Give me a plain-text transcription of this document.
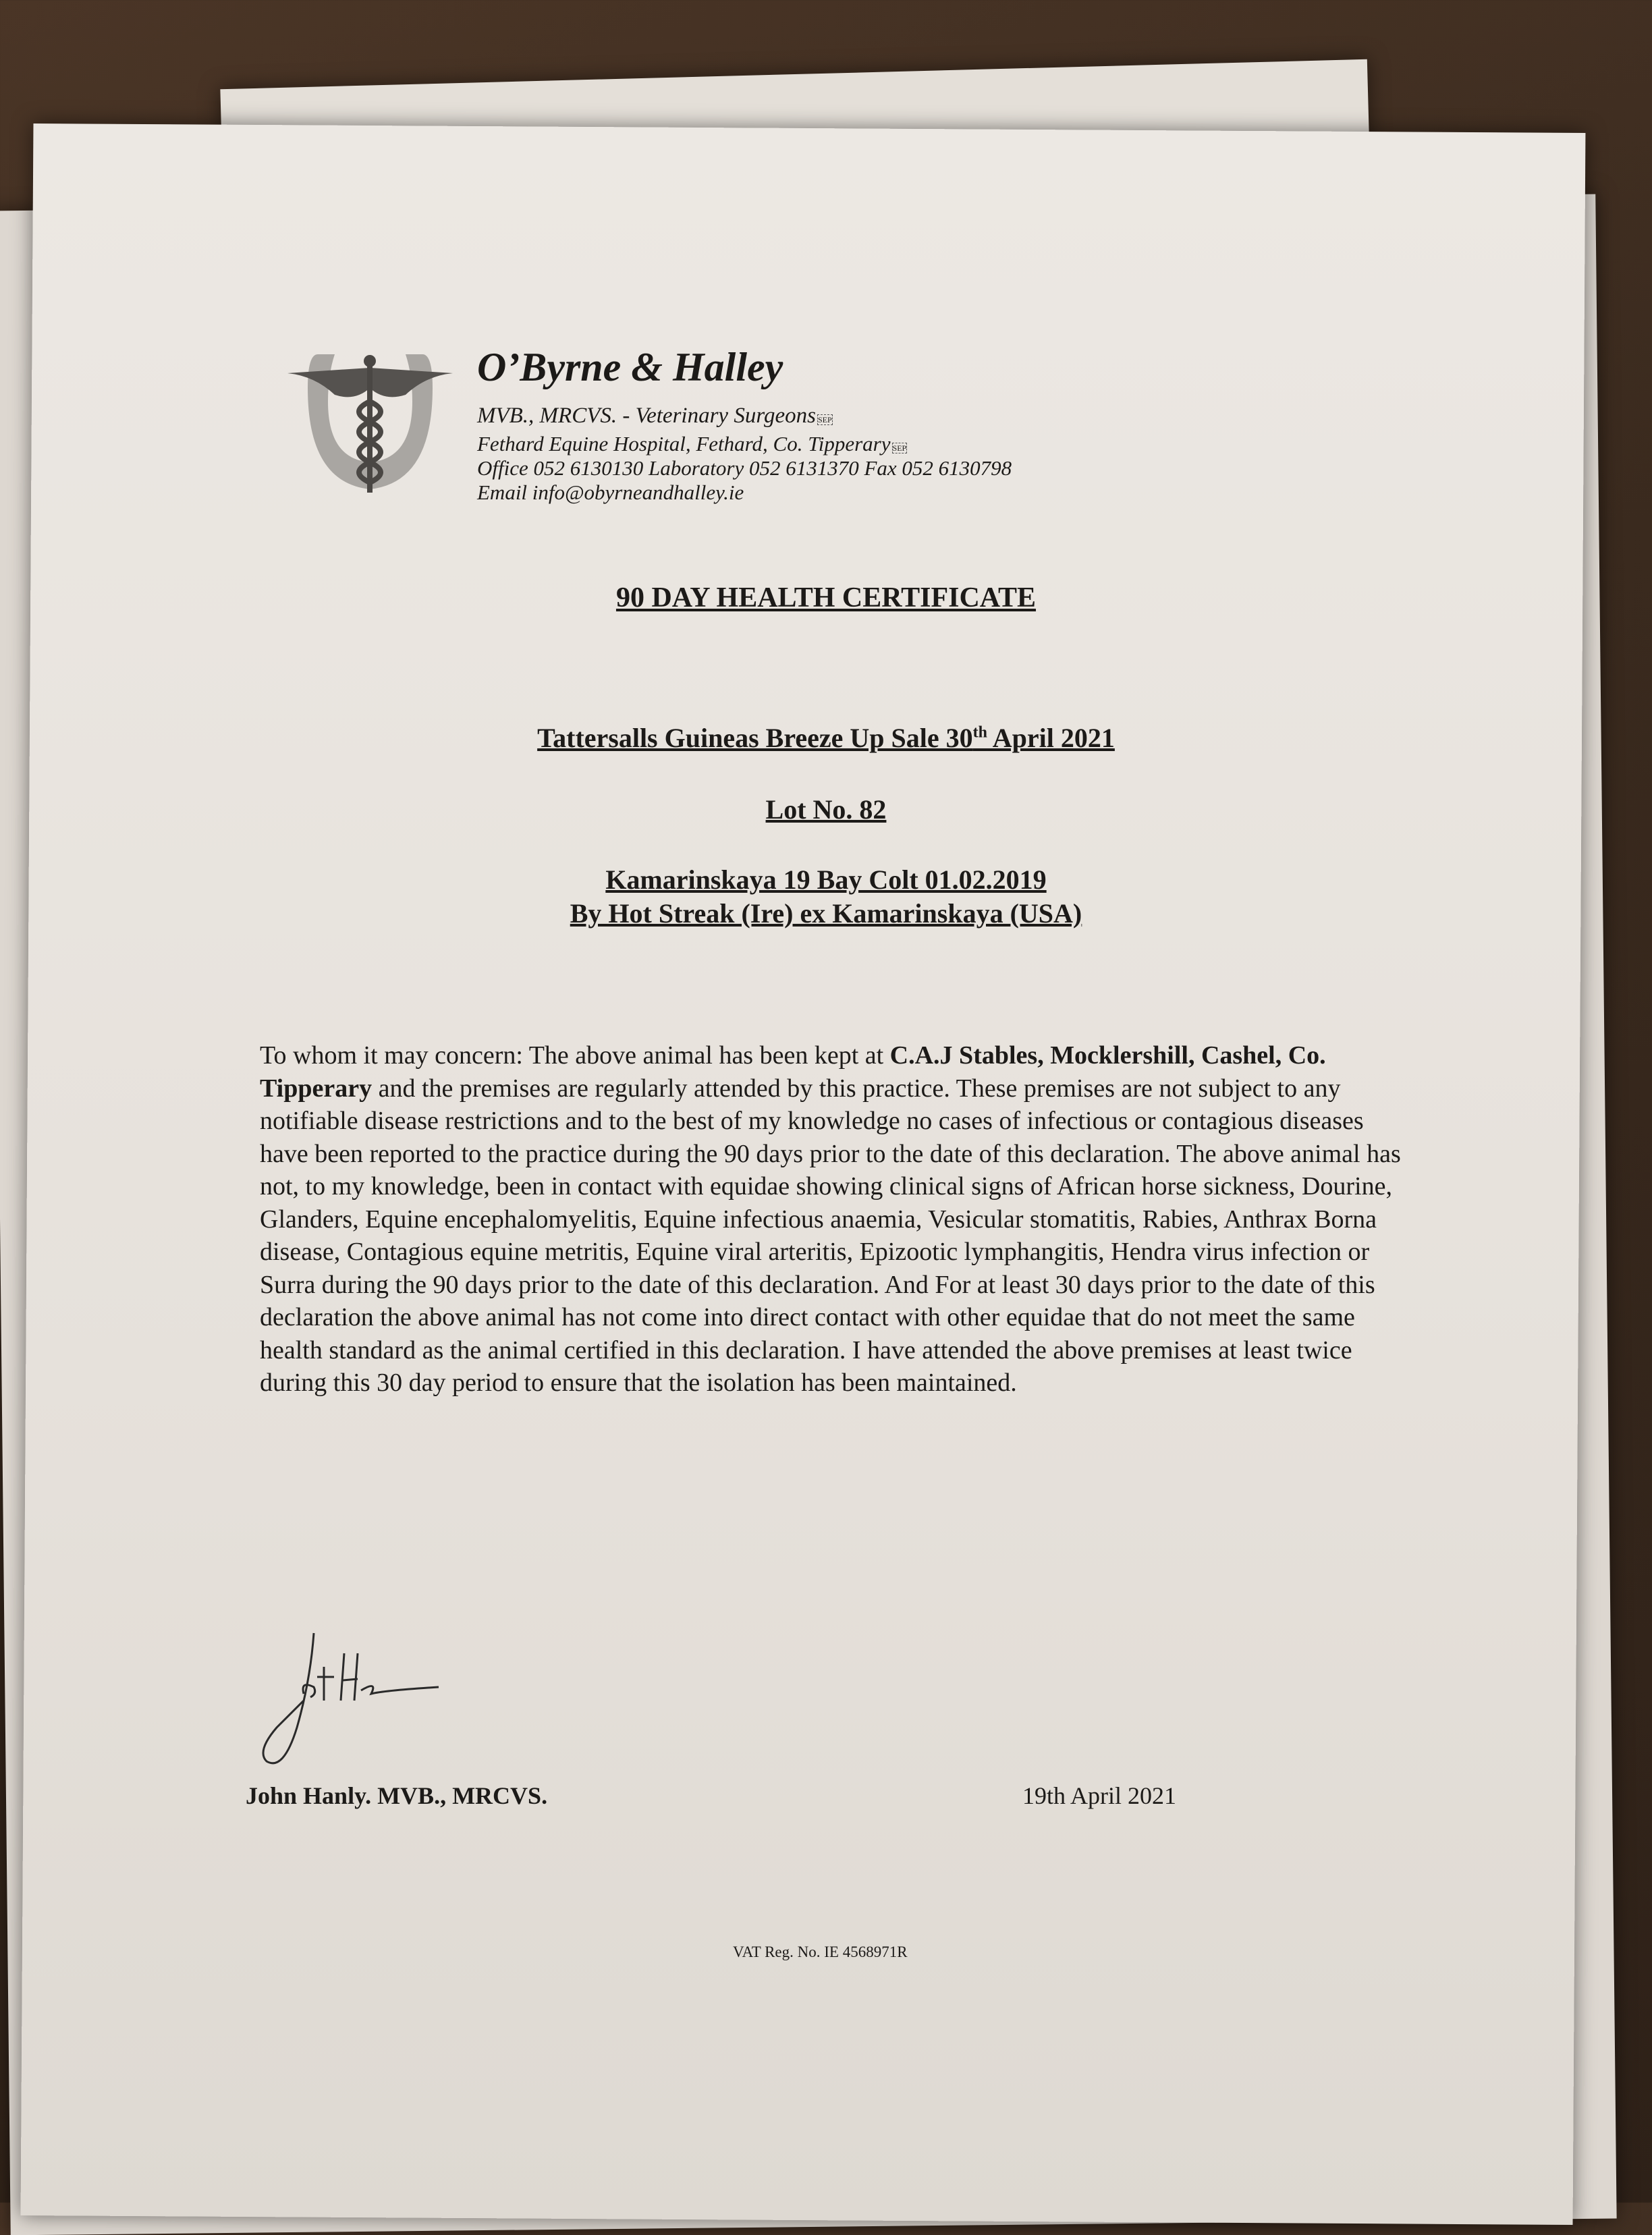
O’Byrne & Halley
MVB., MRCVS. - Veterinary Surgeons SEP
Fethard Equine Hospital, Fethard, Co. Tipperary SEP
Office 052 6130130 Laboratory 052 6131370 Fax 052 6130798
Email info@obyrneandhalley.ie
90 DAY HEALTH CERTIFICATE
Tattersalls Guineas Breeze Up Sale 30th April 2021
Lot No. 82
Kamarinskaya 19 Bay Colt 01.02.2019
By Hot Streak (Ire) ex Kamarinskaya (USA)
To whom it may concern: The above animal has been kept at C.A.J Stables, Mocklershill, Cashel, Co. Tipperary and the premises are regularly attended by this practice. These premises are not subject to any notifiable disease restrictions and to the best of my knowledge no cases of infectious or contagious diseases have been reported to the practice during the 90 days prior to the date of this declaration. The above animal has not, to my knowledge, been in contact with equidae showing clinical signs of African horse sickness, Dourine, Glanders, Equine encephalomyelitis, Equine infectious anaemia, Vesicular stomatitis, Rabies, Anthrax Borna disease, Contagious equine metritis, Equine viral arteritis, Epizootic lymphangitis, Hendra virus infection or Surra during the 90 days prior to the date of this declaration. And For at least 30 days prior to the date of this declaration the above animal has not come into direct contact with other equidae that do not meet the same health standard as the animal certified in this declaration. I have attended the above premises at least twice during this 30 day period to ensure that the isolation has been maintained.
John Hanly. MVB., MRCVS.	19th April 2021
VAT Reg. No. IE 4568971R
